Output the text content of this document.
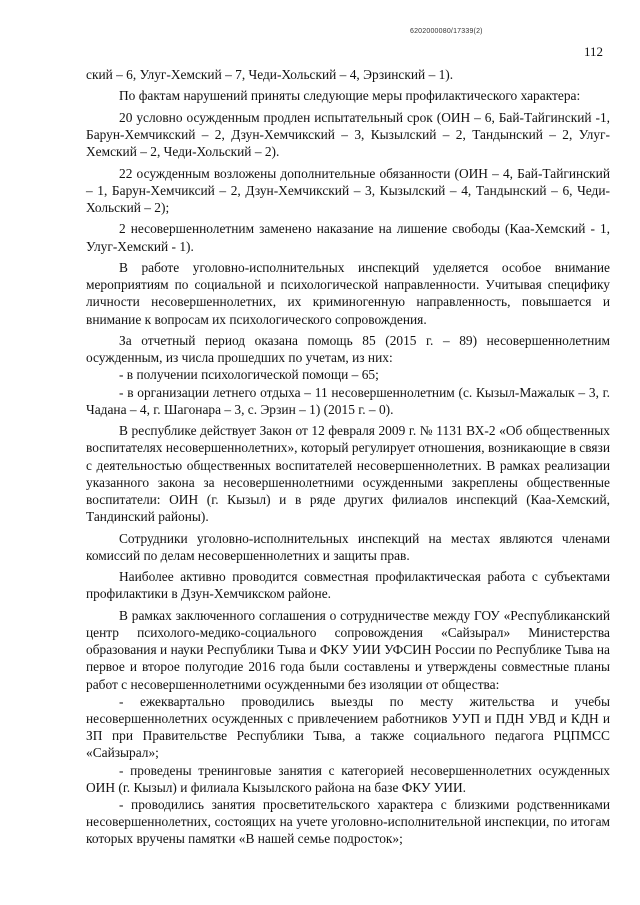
6202000080/17339(2)
112

ский – 6, Улуг-Хемский – 7, Чеди-Хольский – 4, Эрзинский – 1).

По фактам нарушений приняты следующие меры профилактического характера:

20 условно осужденным продлен испытательный срок (ОИН – 6, Бай-Тайгинский -1, Барун-Хемчикский – 2, Дзун-Хемчикский – 3, Кызылский – 2, Тандынский – 2, Улуг-Хемский – 2, Чеди-Хольский – 2).

22 осужденным возложены дополнительные обязанности (ОИН – 4, Бай-Тайгинский – 1, Барун-Хемчиксий – 2, Дзун-Хемчикский – 3, Кызылский – 4, Тандынский – 6, Чеди-Хольский – 2);

2 несовершеннолетним заменено наказание на лишение свободы (Каа-Хемский - 1, Улуг-Хемский - 1).

В работе уголовно-исполнительных инспекций уделяется особое внимание мероприятиям по социальной и психологической направленности. Учитывая специфику личности несовершеннолетних, их криминогенную направленность, повышается и внимание к вопросам их психологического сопровождения.

За отчетный период оказана помощь 85 (2015 г. – 89) несовершеннолетним осужденным, из числа прошедших по учетам, из них:

- в получении психологической помощи – 65;

- в организации летнего отдыха – 11 несовершеннолетним (с. Кызыл-Мажалык – 3, г. Чадана – 4, г. Шагонара – 3, с. Эрзин – 1) (2015 г. – 0).

В республике действует Закон от 12 февраля 2009 г. № 1131 ВХ-2 «Об общественных воспитателях несовершеннолетних», который регулирует отношения, возникающие в связи с деятельностью общественных воспитателей несовершеннолетних. В рамках реализации указанного закона за несовершеннолетними осужденными закреплены общественные воспитатели: ОИН (г. Кызыл) и в ряде других филиалов инспекций (Каа-Хемский, Тандинский районы).

Сотрудники уголовно-исполнительных инспекций на местах являются членами комиссий по делам несовершеннолетних и защиты прав.

Наиболее активно проводится совместная профилактическая работа с субъектами профилактики в Дзун-Хемчикском районе.

В рамках заключенного соглашения о сотрудничестве между ГОУ «Республиканский центр психолого-медико-социального сопровождения «Сайзырал» Министерства образования и науки Республики Тыва и ФКУ УИИ УФСИН России по Республике Тыва на первое и второе полугодие 2016 года были составлены и утверждены совместные планы работ с несовершеннолетними осужденными без изоляции от общества:

- ежеквартально проводились выезды по месту жительства и учебы несовершеннолетних осужденных с привлечением работников УУП и ПДН УВД и КДН и ЗП при Правительстве Республики Тыва, а также социального педагога РЦПМСС «Сайзырал»;

- проведены тренинговые занятия с категорией несовершеннолетних осужденных ОИН (г. Кызыл) и филиала Кызылского района на базе ФКУ УИИ.

- проводились занятия просветительского характера с близкими родственниками несовершеннолетних, состоящих на учете уголовно-исполнительной инспекции, по итогам которых вручены памятки «В нашей семье подросток»;
